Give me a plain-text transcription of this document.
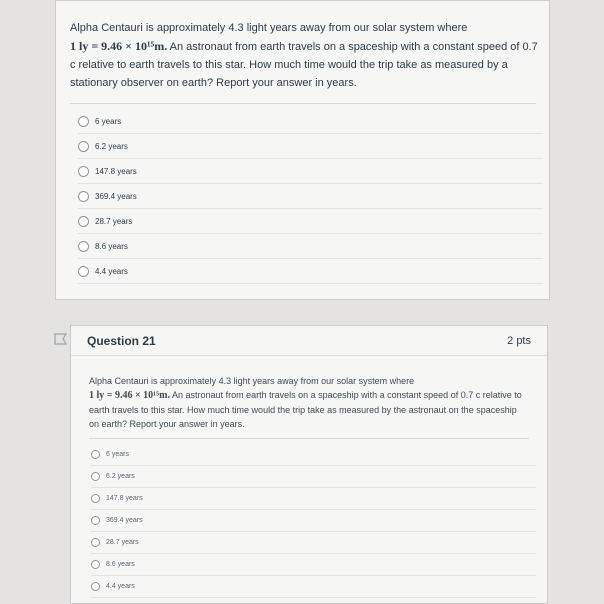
Alpha Centauri is approximately 4.3 light years away from our solar system where
1 ly = 9.46 × 10¹⁵m. An astronaut from earth travels on a spaceship with a constant speed of 0.7 c relative to earth travels to this star. How much time would the trip take as measured by a stationary observer on earth? Report your answer in years.
6 years
6.2 years
147.8 years
369.4 years
28.7 years
8.6 years
4.4 years
Question 21	2 pts
Alpha Centauri is approximately 4.3 light years away from our solar system where
1 ly = 9.46 × 10¹⁵m. An astronaut from earth travels on a spaceship with a constant speed of 0.7 c relative to earth travels to this star. How much time would the trip take as measured by the astronaut on the spaceship on earth? Report your answer in years.
6 years
6.2 years
147.8 years
369.4 years
28.7 years
8.6 years
4.4 years
